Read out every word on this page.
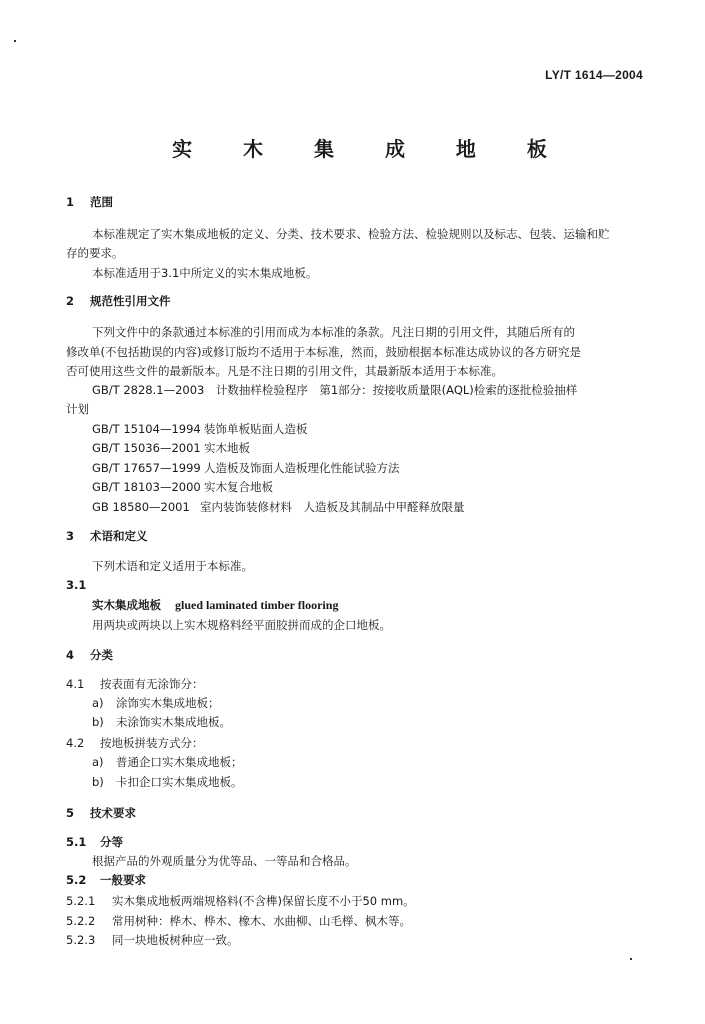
LY/T 1614—2004
实 木 集 成 地 板
1 范围
本标准规定了实木集成地板的定义、分类、技术要求、检验方法、检验规则以及标志、包装、运输和贮
存的要求。
本标准适用于3.1中所定义的实木集成地板。
2 规范性引用文件
下列文件中的条款通过本标准的引用而成为本标准的条款。凡注日期的引用文件，其随后所有的
修改单(不包括勘误的内容)或修订版均不适用于本标准，然而，鼓励根据本标准达成协议的各方研究是
否可使用这些文件的最新版本。凡是不注日期的引用文件，其最新版本适用于本标准。
GB/T 2828.1—2003　计数抽样检验程序　第1部分：按接收质量限(AQL)检索的逐批检验抽样
计划
GB/T 15104—1994 装饰单板贴面人造板
GB/T 15036—2001 实木地板
GB/T 17657—1999 人造板及饰面人造板理化性能试验方法
GB/T 18103—2000 实木复合地板
GB 18580—2001 室内装饰装修材料　人造板及其制品中甲醛释放限量
3 术语和定义
下列术语和定义适用于本标准。
3.1
实木集成地板 glued laminated timber flooring
用两块或两块以上实木规格料经平面胶拼而成的企口地板。
4 分类
4.1 按表面有无涂饰分：
a) 涂饰实木集成地板；
b) 未涂饰实木集成地板。
4.2 按地板拼装方式分：
a) 普通企口实木集成地板；
b) 卡扣企口实木集成地板。
5 技术要求
5.1 分等
根据产品的外观质量分为优等品、一等品和合格品。
5.2 一般要求
5.2.1 实木集成地板两端规格料(不含榫)保留长度不小于50 mm。
5.2.2 常用树种：桦木、桦木、橡木、水曲柳、山毛榉、枫木等。
5.2.3 同一块地板树种应一致。
